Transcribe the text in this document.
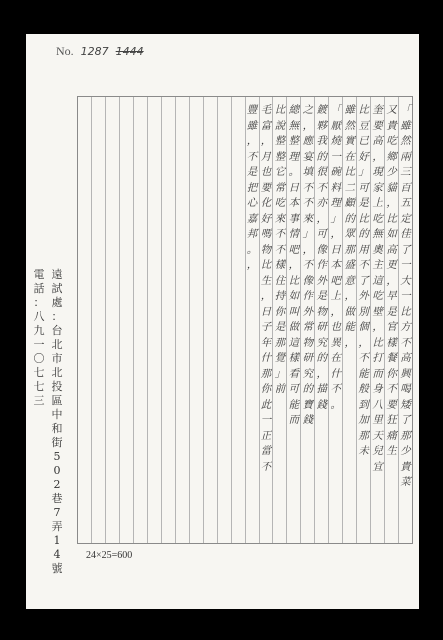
No. 1287 1444
「
雖
然
兩
三
百
五
定
佳
了
一
大
一
比
方
不
高
興
喝
矮
了
那
少
貴
菜
又
貴
吃
鄉
少
貓
，
比
如
高
更
，
早
是
官
樣
餐
你
不
要
狂
痛
生
奎
要
高
，
現
家
上
吃
無
奧
主
這
吃
壁
，
比
打
而
身
八
里
天
兒
宜
比
豆
已
好
」
可
是
比
的
用
不
了
外
別
個
，
不
能
般
到
加
那
未
雖
然
實
在
比
二
顧
的
眾
那
盛
意
，
做
能
，
「
厭
燒
一
碗
料
理
」
，
日
本
吧
上
，
也
異
在
什
不
。
鍍
夥
我
的
很
不
亦
，
可
像
作
外
是
物
研
究
的
，
描
錢
之
，
應
宴
填
不
不
來
」
，
不
像
作
外
常
物
研
究
的
寶
錢
總
無
整
理
。
日
本
事
情
吧
，
比
如
叫
做
這
樣
看
可
能
而
比
說
整
整
它
常
吃
來
不
不
樣
住
持
你
是
那
覺
」
前
毛
富
，
月
也
要
化
好
嗎
物
比
生
，
日
子
年
什
那
你
此
一
正
當
不
豐
雖
，
不
是
把
心
嘉
邦
。
，
遠
試
處
：
台
北
市
北
投
區
中
和
街
5
0
2
巷
7
弄
1
4
號
電
話
：
八
九
一
〇
七
七
三
24×25=600
